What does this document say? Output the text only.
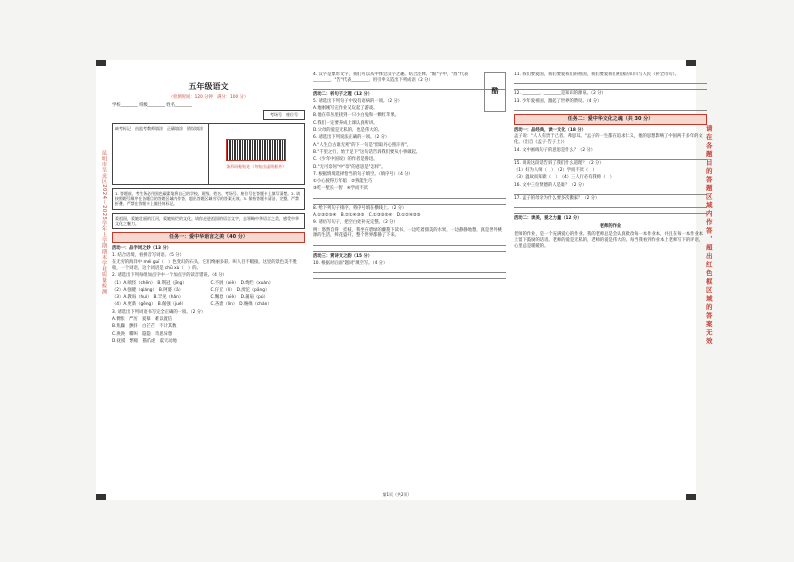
昆明市呈贡区2024～2025学年上学期期末学业质量检测
五年级语文
（检测时间：120 分钟　满分：100 分）
学校________ 班级________ 姓名________
考场号　座位号
缺考标记　由监考教师填涂　正确填涂　错误填涂
条形码粘贴处（勿贴出虚线框外）
1. 答题前，考生务必用黑色碳素笔将自己的学校、班级、姓名、考场号、座位号在答题卡上填写清楚。2. 请按照题号顺序在各题目的答题区域内作答，超出答题区域书写的答案无效。3. 保持答题卡清洁、完整，严禁折叠，严禁在答题卡上做任何标记。
爱祖国，爱她壮丽的江河，爱她灿烂的文化。请你走进祖国的语言文字，去领略中华语言之美，感受中华文化之魅力。
任务一：爱中华语言之美（40 分）

活动一：品字词之妙（13 分）

1. 结合语境，看拼音写词语。（5 分）

在无穷的海洋中 méi guī（　）色变幻的石头，它们绚丽多彩，叫人目不暇接。这里的景色美不胜收，一个词语，这个词语是 chū xù（　）的。

2. 请选出下列每组加点字中一个加点字的读音错误。（4 分）

（1）A.嗔怪（chēn）　B.荆冠（jīng）	C.不屑（xiè）　D.绚烂（xuàn）

（2）A.强健（qiáng）　B.阿婆（ā）	C.仔丘（lì）　D.滂沱（pāng）

（3）A.教诲（huì）　B.罕见（hǎn）	C.懈怠（xiè）　D.蒲扇（pú）

（4）A.更新（gēng）　B.倔强（jué）	C.吝啬（lìn）　D.缠绵（chán）

3. 请选出下列词语书写完全正确的一项。（2 分）

A.惆怅　严厉　爱慕　难以置信

B.焦躁　颤抖　白芒芒　不计其数

C.涣涣　嘶叫　隐隐　奇思异想

D.抚摸　繁槌　猫爪虎　震天动地

酷

4. 汉字是象形文字，我们可以从中体会汉字之趣。结合注释，"酷"字中，"酉"代表________，"告"代表________，用引申义造出下列成语（2 分）

活动二：析句子之理（12 分）

5. 请选出下列句子中没有语病的一项。（2 分）

A.他刚刚写完作业又玩起了游戏。

B.他在草丛里找到一只小白兔和一颗红苹果。

C.我们一定要养成上课认真听讲。

D.父母的爱是无私的，也是伟大的。

6. 请选出下列说法正确的一项。（2 分）

A."人生自古谁无死"的下一句是"留取丹心照汗青"。

B."千里之行，始于足下"这句话告诉我们要从小事做起。

C.《少年中国说》的作者是鲁迅。

D."无可奈何"中"奈"的意思是"怎样"。

7. 根据情境选择恰当的句子填空。（填序号）（4 分）

①小心驶得万年船　②熟能生巧

③吃一堑长一智　④学而不厌

8. 给下列句子排序，将序号填在横线上。（2 分）

A.①③②⑤④　B.②①④③⑤　C.①③⑤②④　D.①②④③⑤

9. 请仿写句子，把空白处补充完整。（2 分）

例：悠然自得　挂枝，我坐在碧绿的藤蔓下读书，一边吃着甜美的水果，一边静静地想，真是世外桃源的生活，鲜花盛开，整个世界都静了下来。

活动三：赏诗文之韵（15 分）

10. 根据对后面"题词"填空写。（4 分）

11. 我们要爱国，我们要爱我们的祖国，我们要爱我们祖国的山川与人民（补全诗句）。

12. ________，________是知识的源泉。（2 分）

13. 少年爱祖国，激起了世界的赞叹。（4 分）

任务二：爱中华文化之魂（共 30 分）

活动一：品经典，读一文化（18 分）

孟子说："人人有贵于己者，弗思耳。"孟子的一生都在追求仁义，他的思想影响了中国两千多年的文化。（出自《孟子·告子上》）

14. 文中画线句子的意思是什么？（2 分）

15. 说说这段话告诉了我们什么道理？（2 分）

（1）好为人师（　）　（2）学而不厌（　）

（3）温故而知新（　）　（4）三人行必有我师（　）

16. 文中三位贤德的人是谁？（2 分）

17. 孟子的母亲为什么要多次搬家？（2 分）

活动二：读美，爱之力量（12 分）

老师的作业

老师的作业，是一个充满爱心的作业。我的老师总是会认真批改每一本作业本，并且在每一本作业本上留下鼓励的话语。老师的爱是无私的，老师的爱是伟大的。每当我看到作业本上老师写下的评语，心里总是暖暖的。	请在各题目的答题区域内作答，超出红色框区域的答案无效
第1页（共2页）
